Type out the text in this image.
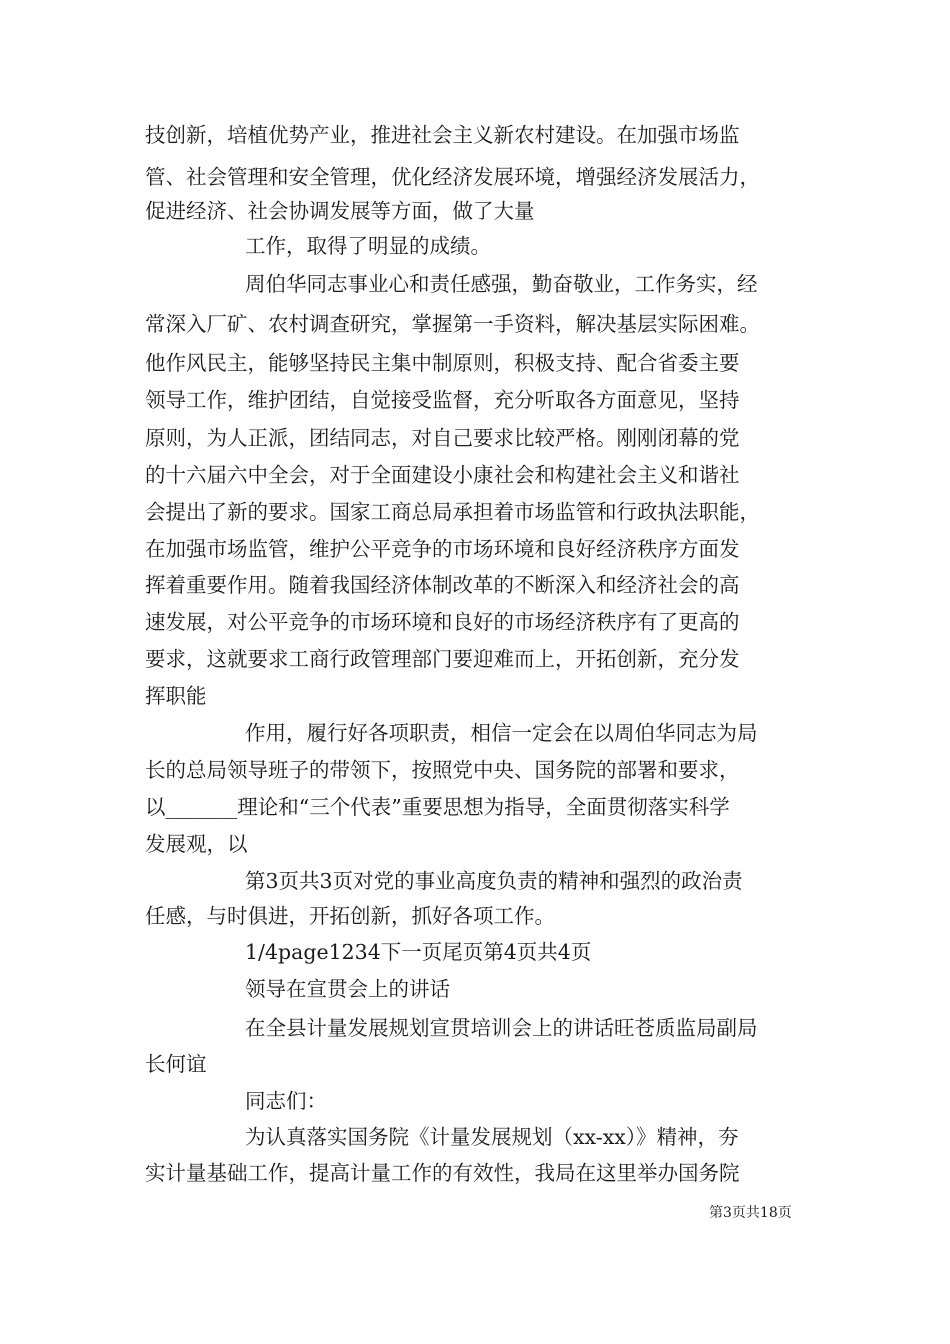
技创新，培植优势产业，推进社会主义新农村建设。在加强市场监

管、社会管理和安全管理，优化经济发展环境，增强经济发展活力，

促进经济、社会协调发展等方面，做了大量

工作，取得了明显的成绩。

周伯华同志事业心和责任感强，勤奋敬业，工作务实，经

常深入厂矿、农村调查研究，掌握第一手资料，解决基层实际困难。

他作风民主，能够坚持民主集中制原则，积极支持、配合省委主要

领导工作，维护团结，自觉接受监督，充分听取各方面意见，坚持

原则，为人正派，团结同志，对自己要求比较严格。刚刚闭幕的党

的十六届六中全会，对于全面建设小康社会和构建社会主义和谐社

会提出了新的要求。国家工商总局承担着市场监管和行政执法职能，

在加强市场监管，维护公平竞争的市场环境和良好经济秩序方面发

挥着重要作用。随着我国经济体制改革的不断深入和经济社会的高

速发展，对公平竞争的市场环境和良好的市场经济秩序有了更高的

要求，这就要求工商行政管理部门要迎难而上，开拓创新，充分发

挥职能

作用，履行好各项职责，相信一定会在以周伯华同志为局

长的总局领导班子的带领下，按照党中央、国务院的部署和要求，

以_______理论和“三个代表”重要思想为指导，全面贯彻落实科学

发展观，以

第3页共3页对党的事业高度负责的精神和强烈的政治责

任感，与时俱进，开拓创新，抓好各项工作。

1/4page1234下一页尾页第4页共4页

领导在宣贯会上的讲话

在全县计量发展规划宣贯培训会上的讲话旺苍质监局副局

长何谊

同志们：

为认真落实国务院《计量发展规划（xx-xx）》精神，夯

实计量基础工作，提高计量工作的有效性，我局在这里举办国务院

第3页共18页
